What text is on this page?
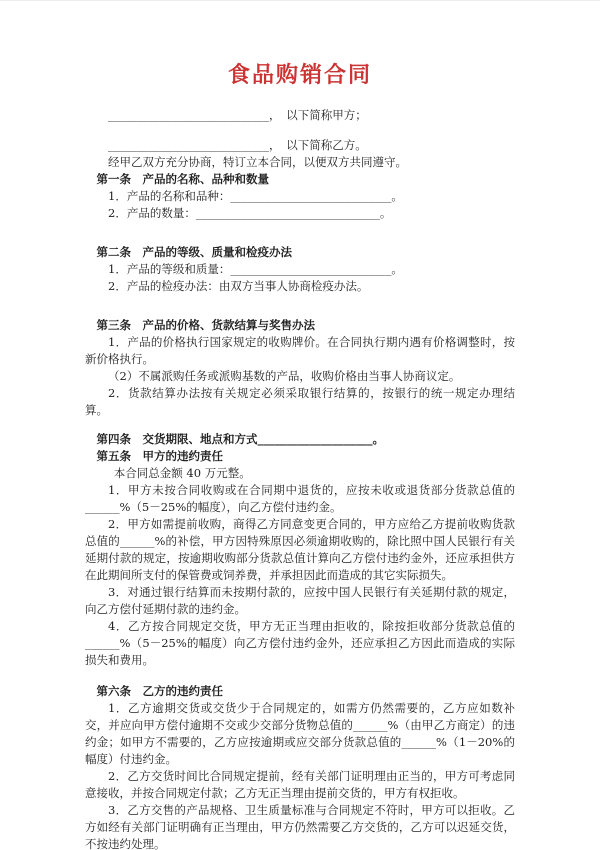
食品购销合同

____________________________，　以下简称甲方；

____________________________，　以下简称乙方。

经甲乙双方充分协商，特订立本合同，以便双方共同遵守。

第一条　产品的名称、品种和数量

1．产品的名称和品种：____________________________。

2．产品的数量：________________________________。

第二条　产品的等级、质量和检疫办法

1．产品的等级和质量：____________________________。

2．产品的检疫办法：由双方当事人协商检疫办法。

第三条　产品的价格、货款结算与奖售办法

1．产品的价格执行国家规定的收购牌价。在合同执行期内遇有价格调整时，按新价格执行。

（2）不属派购任务或派购基数的产品，收购价格由当事人协商议定。

2．货款结算办法按有关规定必须采取银行结算的，按银行的统一规定办理结算。

第四条　交货期限、地点和方式____________________。

第五条　甲方的违约责任

本合同总金额 40 万元整。

1．甲方未按合同收购或在合同期中退货的，应按未收或退货部分货款总值的______%（5－25%的幅度），向乙方偿付违约金。

2．甲方如需提前收购，商得乙方同意变更合同的，甲方应给乙方提前收购货款总值的______%的补偿，甲方因特殊原因必须逾期收购的，除比照中国人民银行有关延期付款的规定，按逾期收购部分货款总值计算向乙方偿付违约金外，还应承担供方在此期间所支付的保管费或饲养费，并承担因此而造成的其它实际损失。

3．对通过银行结算而未按期付款的，应按中国人民银行有关延期付款的规定，向乙方偿付延期付款的违约金。

4．乙方按合同规定交货，甲方无正当理由拒收的，除按拒收部分货款总值的______%（5－25%的幅度）向乙方偿付违约金外，还应承担乙方因此而造成的实际损失和费用。

第六条　乙方的违约责任

1．乙方逾期交货或交货少于合同规定的，如需方仍然需要的，乙方应如数补交，并应向甲方偿付逾期不交或少交部分货物总值的______%（由甲乙方商定）的违约金；如甲方不需要的，乙方应按逾期或应交部分货款总值的______%（1－20%的幅度）付违约金。

2．乙方交货时间比合同规定提前，经有关部门证明理由正当的，甲方可考虑同意接收，并按合同规定付款；乙方无正当理由提前交货的，甲方有权拒收。

3．乙方交售的产品规格、卫生质量标准与合同规定不符时，甲方可以拒收。乙方如经有关部门证明确有正当理由，甲方仍然需要乙方交货的，乙方可以迟延交货，不按违约处理。
